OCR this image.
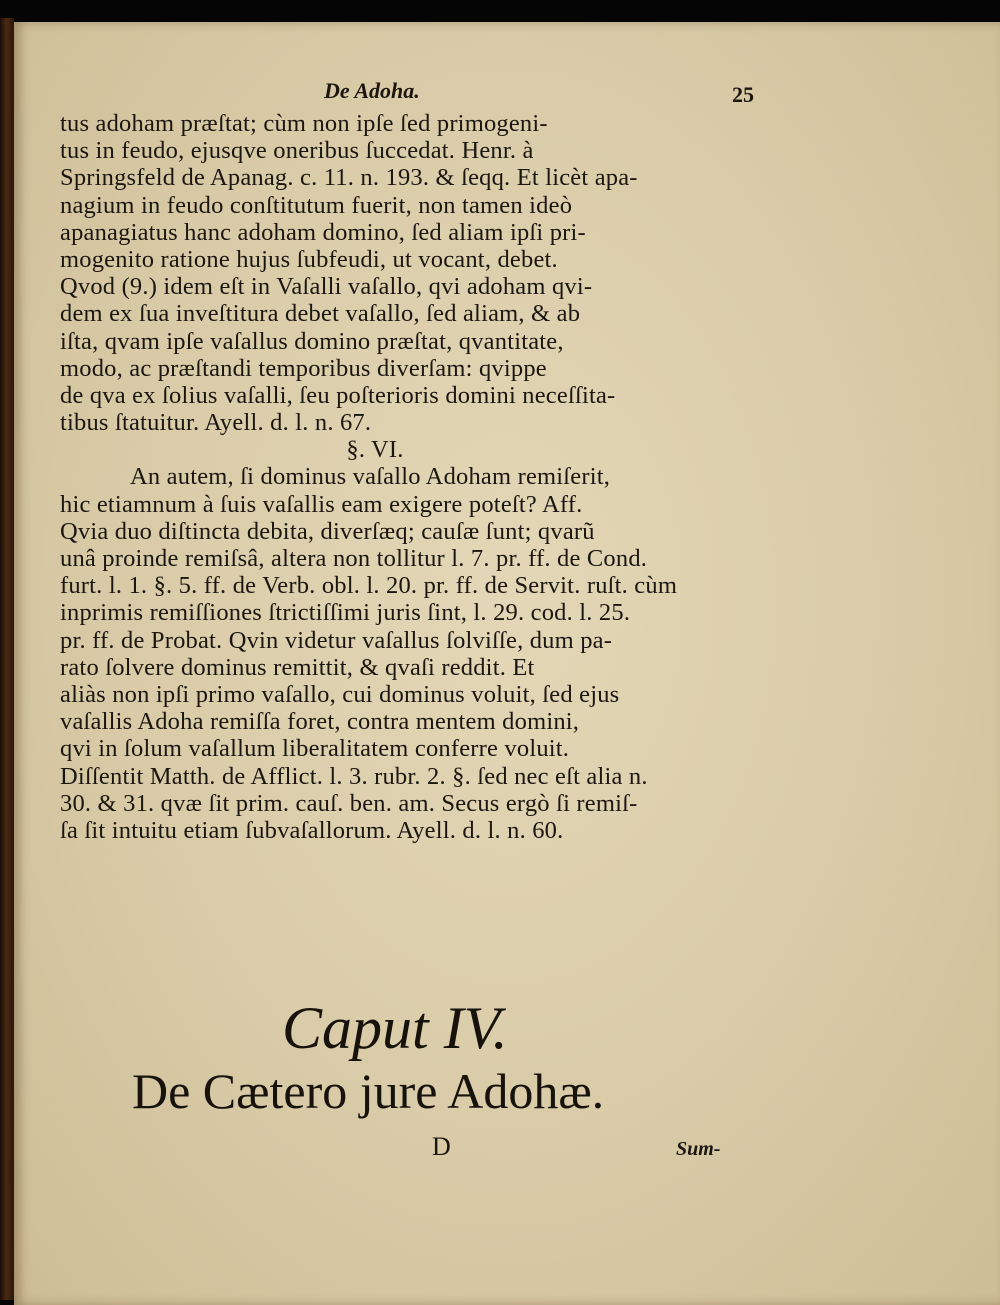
De Adoha.	25
tus adoham præſtat; cùm non ipſe ſed primogeni-
tus in feudo, ejusqve oneribus ſuccedat. Henr. à
Springsfeld de Apanag. c. 11. n. 193. & ſeqq. Et licèt apa-
nagium in feudo conſtitutum fuerit, non tamen ideò
apanagiatus hanc adoham domino, ſed aliam ipſi pri-
mogenito ratione hujus ſubfeudi, ut vocant, debet.
Qvod (9.) idem eſt in Vaſalli vaſallo, qvi adoham qvi-
dem ex ſua inveſtitura debet vaſallo, ſed aliam, & ab
iſta, qvam ipſe vaſallus domino præſtat, qvantitate,
modo, ac præſtandi temporibus diverſam: qvippe
de qva ex ſolius vaſalli, ſeu poſterioris domini neceſſita-
tibus ſtatuitur. Ayell. d. l. n. 67.
§. VI.
An autem, ſi dominus vaſallo Adoham remiſerit,
hic etiamnum à ſuis vaſallis eam exigere poteſt? Aff.
Qvia duo diſtincta debita, diverſæq; cauſæ ſunt; qvarũ
unâ proinde remiſsâ, altera non tollitur l. 7. pr. ff. de Cond.
furt. l. 1. §. 5. ff. de Verb. obl. l. 20. pr. ff. de Servit. ruſt. cùm
inprimis remiſſiones ſtrictiſſimi juris ſint, l. 29. cod. l. 25.
pr. ff. de Probat. Qvin videtur vaſallus ſolviſſe, dum pa-
rato ſolvere dominus remittit, & qvaſi reddit. Et
aliàs non ipſi primo vaſallo, cui dominus voluit, ſed ejus
vaſallis Adoha remiſſa foret, contra mentem domini,
qvi in ſolum vaſallum liberalitatem conferre voluit.
Diſſentit Matth. de Afflict. l. 3. rubr. 2. §. ſed nec eſt alia n.
30. & 31. qvæ ſit prim. cauſ. ben. am. Secus ergò ſi remiſ-
ſa ſit intuitu etiam ſubvaſallorum. Ayell. d. l. n. 60.
Caput IV.
De Cætero jure Adohæ.
D	Sum-
